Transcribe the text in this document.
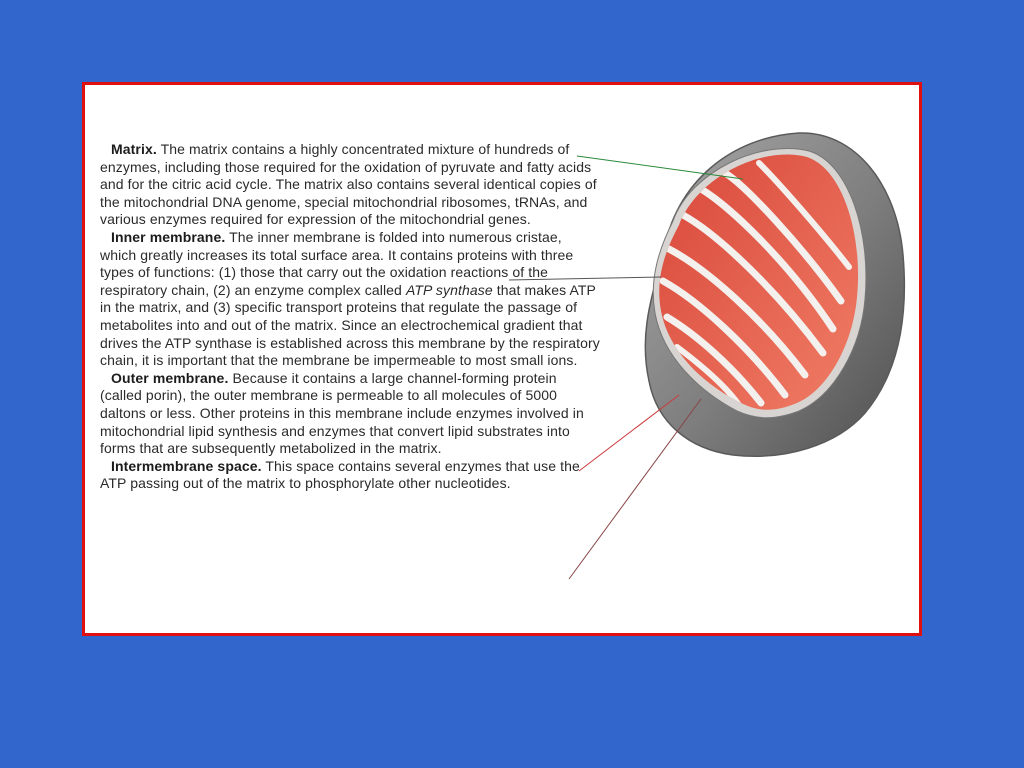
Matrix. The matrix contains a highly concentrated mixture of hundreds of enzymes, including those required for the oxidation of pyruvate and fatty acids and for the citric acid cycle. The matrix also contains several identical copies of the mitochondrial DNA genome, special mitochondrial ribosomes, tRNAs, and various enzymes required for expression of the mitochondrial genes.

Inner membrane. The inner membrane is folded into numerous cristae, which greatly increases its total surface area. It contains proteins with three types of functions: (1) those that carry out the oxidation reactions of the respiratory chain, (2) an enzyme complex called ATP synthase that makes ATP in the matrix, and (3) specific transport proteins that regulate the passage of metabolites into and out of the matrix. Since an electrochemical gradient that drives the ATP synthase is established across this membrane by the respiratory chain, it is important that the membrane be impermeable to most small ions.

Outer membrane. Because it contains a large channel-forming protein (called porin), the outer membrane is permeable to all molecules of 5000 daltons or less. Other proteins in this membrane include enzymes involved in mitochondrial lipid synthesis and enzymes that convert lipid substrates into forms that are subsequently metabolized in the matrix.

Intermembrane space. This space contains several enzymes that use the ATP passing out of the matrix to phosphorylate other nucleotides.
